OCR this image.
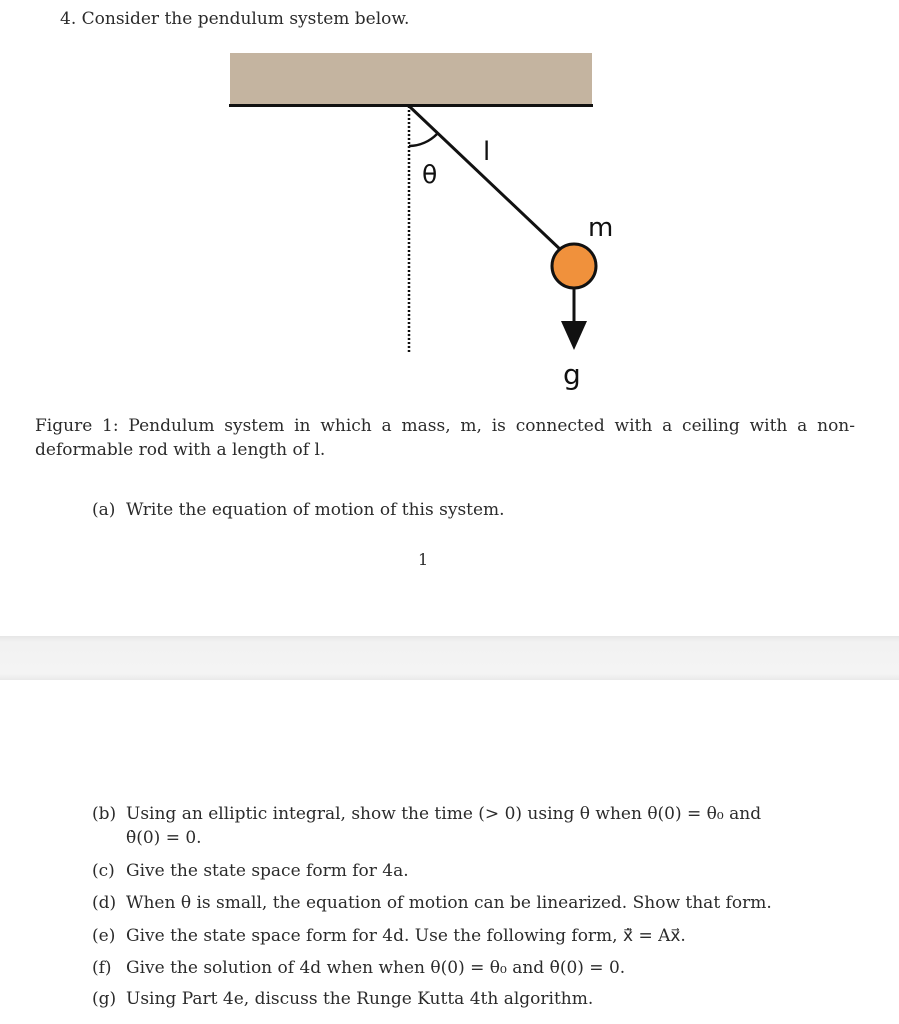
4. Consider the pendulum system below.
θ
l
m
g
Figure 1: Pendulum system in which a mass, m, is connected with a ceiling with a non-deformable rod with a length of l.
(a) Write the equation of motion of this system.
1
(b) Using an elliptic integral, show the time (> 0) using θ when θ(0) = θ₀ and
θ̇(0) = 0.
(c) Give the state space form for 4a.
(d) When θ is small, the equation of motion can be linearized. Show that form.
(e) Give the state space form for 4d. Use the following form, x⃗̇ = Ax⃗.
(f) Give the solution of 4d when when θ(0) = θ₀ and θ̇(0) = 0.
(g) Using Part 4e, discuss the Runge Kutta 4th algorithm.
